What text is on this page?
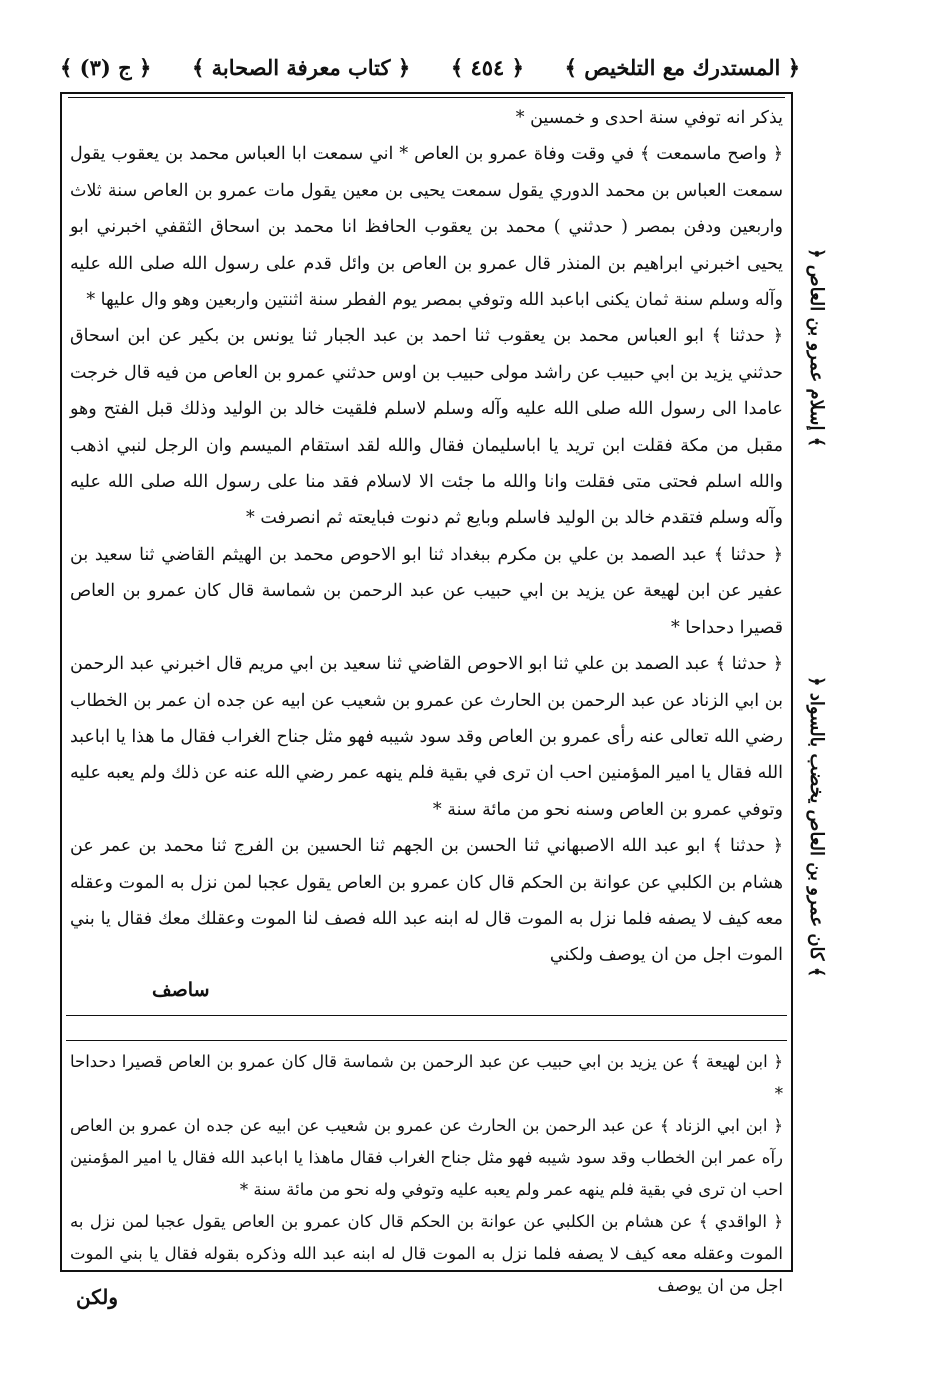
﴿ المستدرك مع التلخيص ﴾
﴿ ٤٥٤ ﴾
﴿ كتاب معرفة الصحابة ﴾
﴿ ج (٣) ﴾
﴿ إسلام عمرو بن العاص ﴾
﴿ كان عمرو بن العاص يخضب بالسواد ﴾

يذكر انه توفي سنة احدى و خمسين *

﴿ واصح ماسمعت ﴾ في وقت وفاة عمرو بن العاص * اني سمعت ابا العباس محمد بن يعقوب يقول سمعت العباس بن محمد الدوري يقول سمعت يحيى بن معين يقول مات عمرو بن العاص سنة ثلاث واربعين ودفن بمصر ( حدثني ) محمد بن يعقوب الحافظ انا محمد بن اسحاق الثقفي اخبرني ابو يحيى اخبرني ابراهيم بن المنذر قال عمرو بن العاص بن وائل قدم على رسول الله صلى الله عليه وآله وسلم سنة ثمان يكنى اباعبد الله وتوفي بمصر يوم الفطر سنة اثنتين واربعين وهو وال عليها *

﴿ حدثنا ﴾ ابو العباس محمد بن يعقوب ثنا احمد بن عبد الجبار ثنا يونس بن بكير عن ابن اسحاق حدثني يزيد بن ابي حبيب عن راشد مولى حبيب بن اوس حدثني عمرو بن العاص من فيه قال خرجت عامدا الى رسول الله صلى الله عليه وآله وسلم لاسلم فلقيت خالد بن الوليد وذلك قبل الفتح وهو مقبل من مكة فقلت ابن تريد يا اباسليمان فقال والله لقد استقام الميسم وان الرجل لنبي اذهب والله اسلم فحتى متى فقلت وانا والله ما جئت الا لاسلام فقد منا على رسول الله صلى الله عليه وآله وسلم فتقدم خالد بن الوليد فاسلم وبايع ثم دنوت فبايعته ثم انصرفت *

﴿ حدثنا ﴾ عبد الصمد بن علي بن مكرم ببغداد ثنا ابو الاحوص محمد بن الهيثم القاضي ثنا سعيد بن عفير عن ابن لهيعة عن يزيد بن ابي حبيب عن عبد الرحمن بن شماسة قال كان عمرو بن العاص قصيرا دحداحا *

﴿ حدثنا ﴾ عبد الصمد بن علي ثنا ابو الاحوص القاضي ثنا سعيد بن ابي مريم قال اخبرني عبد الرحمن بن ابي الزناد عن عبد الرحمن بن الحارث عن عمرو بن شعيب عن ابيه عن جده ان عمر بن الخطاب رضي الله تعالى عنه رأى عمرو بن العاص وقد سود شيبه فهو مثل جناح الغراب فقال ما هذا يا اباعبد الله فقال يا امير المؤمنين احب ان ترى في بقية فلم ينهه عمر رضي الله عنه عن ذلك ولم يعبه عليه وتوفي عمرو بن العاص وسنه نحو من مائة سنة *

﴿ حدثنا ﴾ ابو عبد الله الاصبهاني ثنا الحسن بن الجهم ثنا الحسين بن الفرج ثنا محمد بن عمر عن هشام بن الكلبي عن عوانة بن الحكم قال كان عمرو بن العاص يقول عجبا لمن نزل به الموت وعقله معه كيف لا يصفه فلما نزل به الموت قال له ابنه عبد الله فصف لنا الموت وعقلك معك فقال يا بني الموت اجل من ان يوصف ولكني

ساصف

﴿ ابن لهيعة ﴾ عن يزيد بن ابي حبيب عن عبد الرحمن بن شماسة قال كان عمرو بن العاص قصيرا دحداحا *

﴿ ابن ابي الزناد ﴾ عن عبد الرحمن بن الحارث عن عمرو بن شعيب عن ابيه عن جده ان عمرو بن العاص رآه عمر ابن الخطاب وقد سود شيبه فهو مثل جناح الغراب فقال ماهذا يا اباعبد الله فقال يا امير المؤمنين احب ان ترى في بقية فلم ينهه عمر ولم يعبه عليه وتوفي وله نحو من مائة سنة *

﴿ الواقدي ﴾ عن هشام بن الكلبي عن عوانة بن الحكم قال كان عمرو بن العاص يقول عجبا لمن نزل به الموت وعقله معه كيف لا يصفه فلما نزل به الموت قال له ابنه عبد الله وذكره بقوله فقال يا بني الموت اجل من ان يوصف

ولكن
